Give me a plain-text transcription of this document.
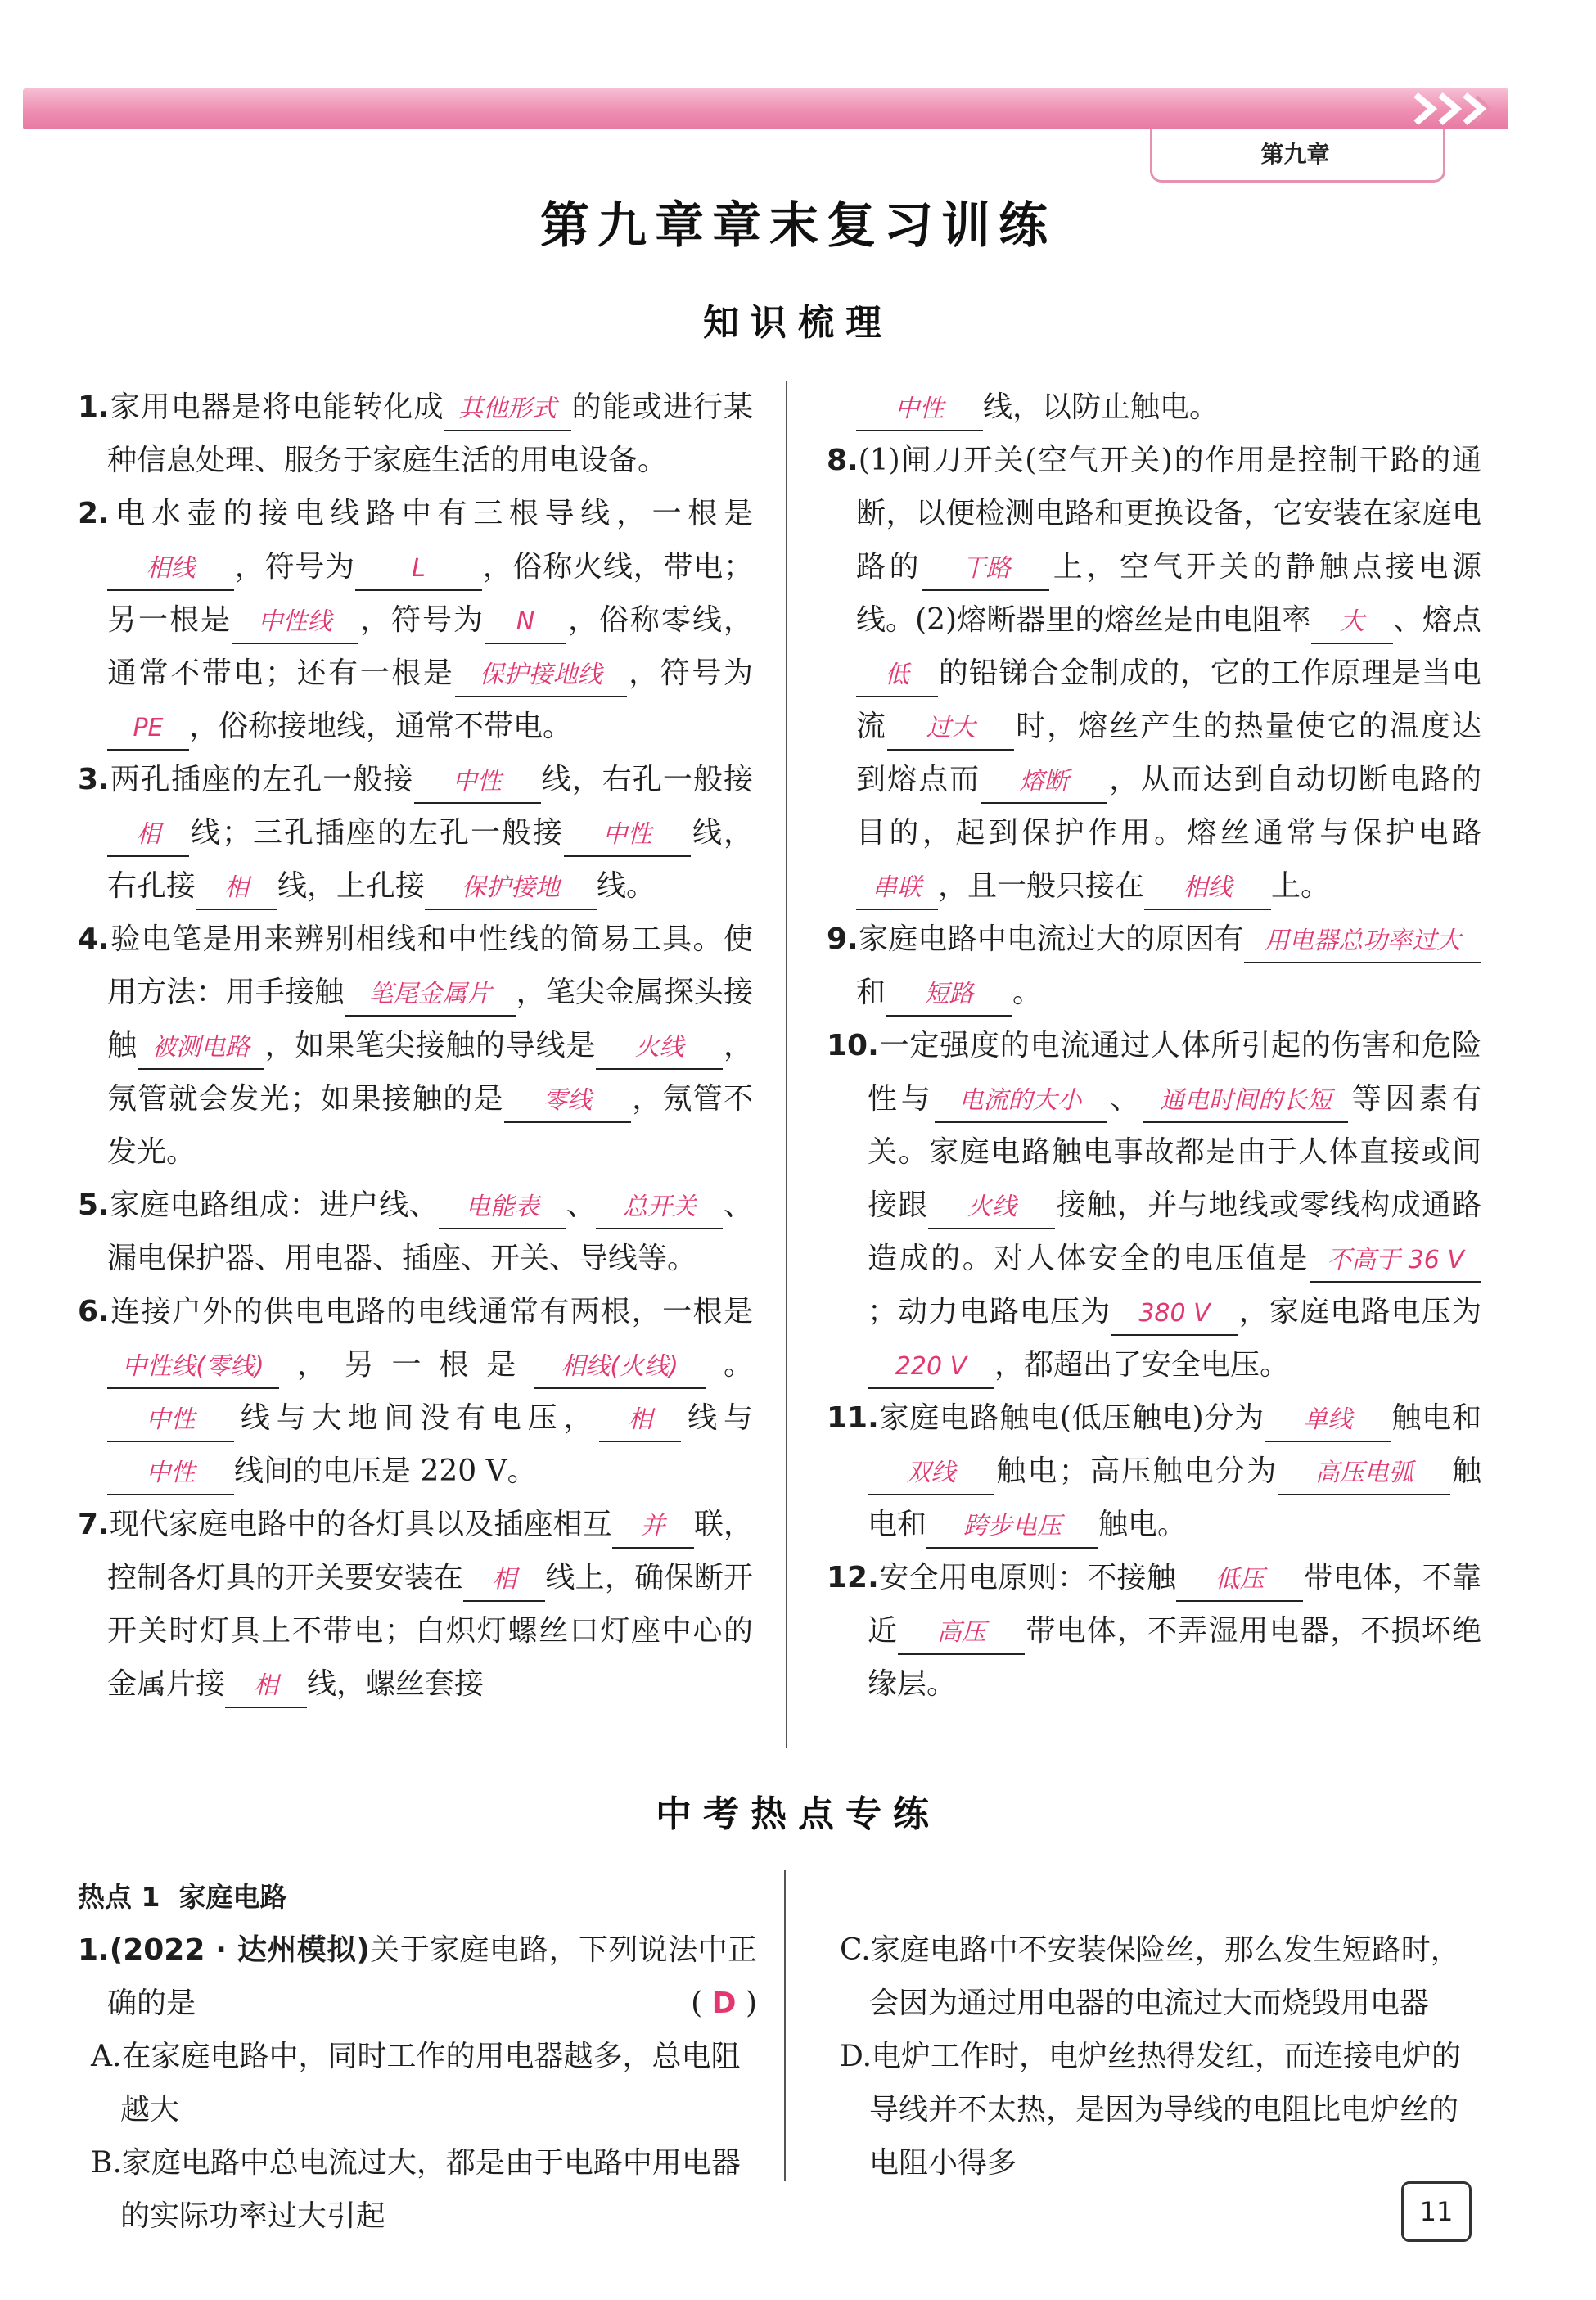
第九章
第九章章末复习训练
知识梳理

1.家用电器是将电能转化成 其他形式 的能或进行某种信息处理、服务于家庭生活的用电设备。

2.电水壶的接电线路中有三根导线，一根是相线 ，符号为 L ，俗称火线，带电；另一根是 中性线 ，符号为 N ，俗称零线，通常不带电；还有一根是 保护接地线 ，符号为PE ，俗称接地线，通常不带电。

3.两孔插座的左孔一般接 中性 线，右孔一般接相 线；三孔插座的左孔一般接 中性 线，右孔接 相 线，上孔接 保护接地 线。

4.验电笔是用来辨别相线和中性线的简易工具。使用方法：用手接触 笔尾金属片 ，笔尖金属探头接触 被测电路 ，如果笔尖接触的导线是 火线 ，氖管就会发光；如果接触的是 零线 ，氖管不发光。

5.家庭电路组成：进户线、 电能表 、 总开关 、漏电保护器、用电器、插座、开关、导线等。

6.连接户外的供电电路的电线通常有两根，一根是中性线(零线) ，另一根是 相线(火线) 。中性 线与大地间没有电压， 相 线与中性 线间的电压是 220 V。

7.现代家庭电路中的各灯具以及插座相互 并 联，控制各灯具的开关要安装在 相 线上，确保断开开关时灯具上不带电；白炽灯螺丝口灯座中心的金属片接 相 线，螺丝套接

中性 线，以防止触电。

8.(1)闸刀开关(空气开关)的作用是控制干路的通断，以便检测电路和更换设备，它安装在家庭电路的 干路 上，空气开关的静触点接电源线。(2)熔断器里的熔丝是由电阻率 大 、熔点低 的铅锑合金制成的，它的工作原理是当电流 过大 时，熔丝产生的热量使它的温度达到熔点而 熔断 ，从而达到自动切断电路的目的，起到保护作用。熔丝通常与保护电路串联 ，且一般只接在 相线 上。

9.家庭电路中电流过大的原因有 用电器总功率过大和 短路 。

10.一定强度的电流通过人体所引起的伤害和危险性与 电流的大小 、 通电时间的长短 等因素有关。家庭电路触电事故都是由于人体直接或间接跟 火线 接触，并与地线或零线构成通路造成的。对人体安全的电压值是 不高于 36 V；动力电路电压为 380 V ，家庭电路电压为220 V ，都超出了安全电压。

11.家庭电路触电(低压触电)分为 单线 触电和双线 触电；高压触电分为 高压电弧 触电和 跨步电压 触电。

12.安全用电原则：不接触 低压 带电体，不靠近 高压 带电体，不弄湿用电器，不损坏绝缘层。

中考热点专练

热点 1 家庭电路

1.(2022 · 达州模拟)关于家庭电路，下列说法中正确的是	( D )

A.在家庭电路中，同时工作的用电器越多，总电阻越大

B.家庭电路中总电流过大，都是由于电路中用电器的实际功率过大引起

C.家庭电路中不安装保险丝，那么发生短路时，会因为通过用电器的电流过大而烧毁用电器

D.电炉工作时，电炉丝热得发红，而连接电炉的导线并不太热，是因为导线的电阻比电炉丝的电阻小得多

11
